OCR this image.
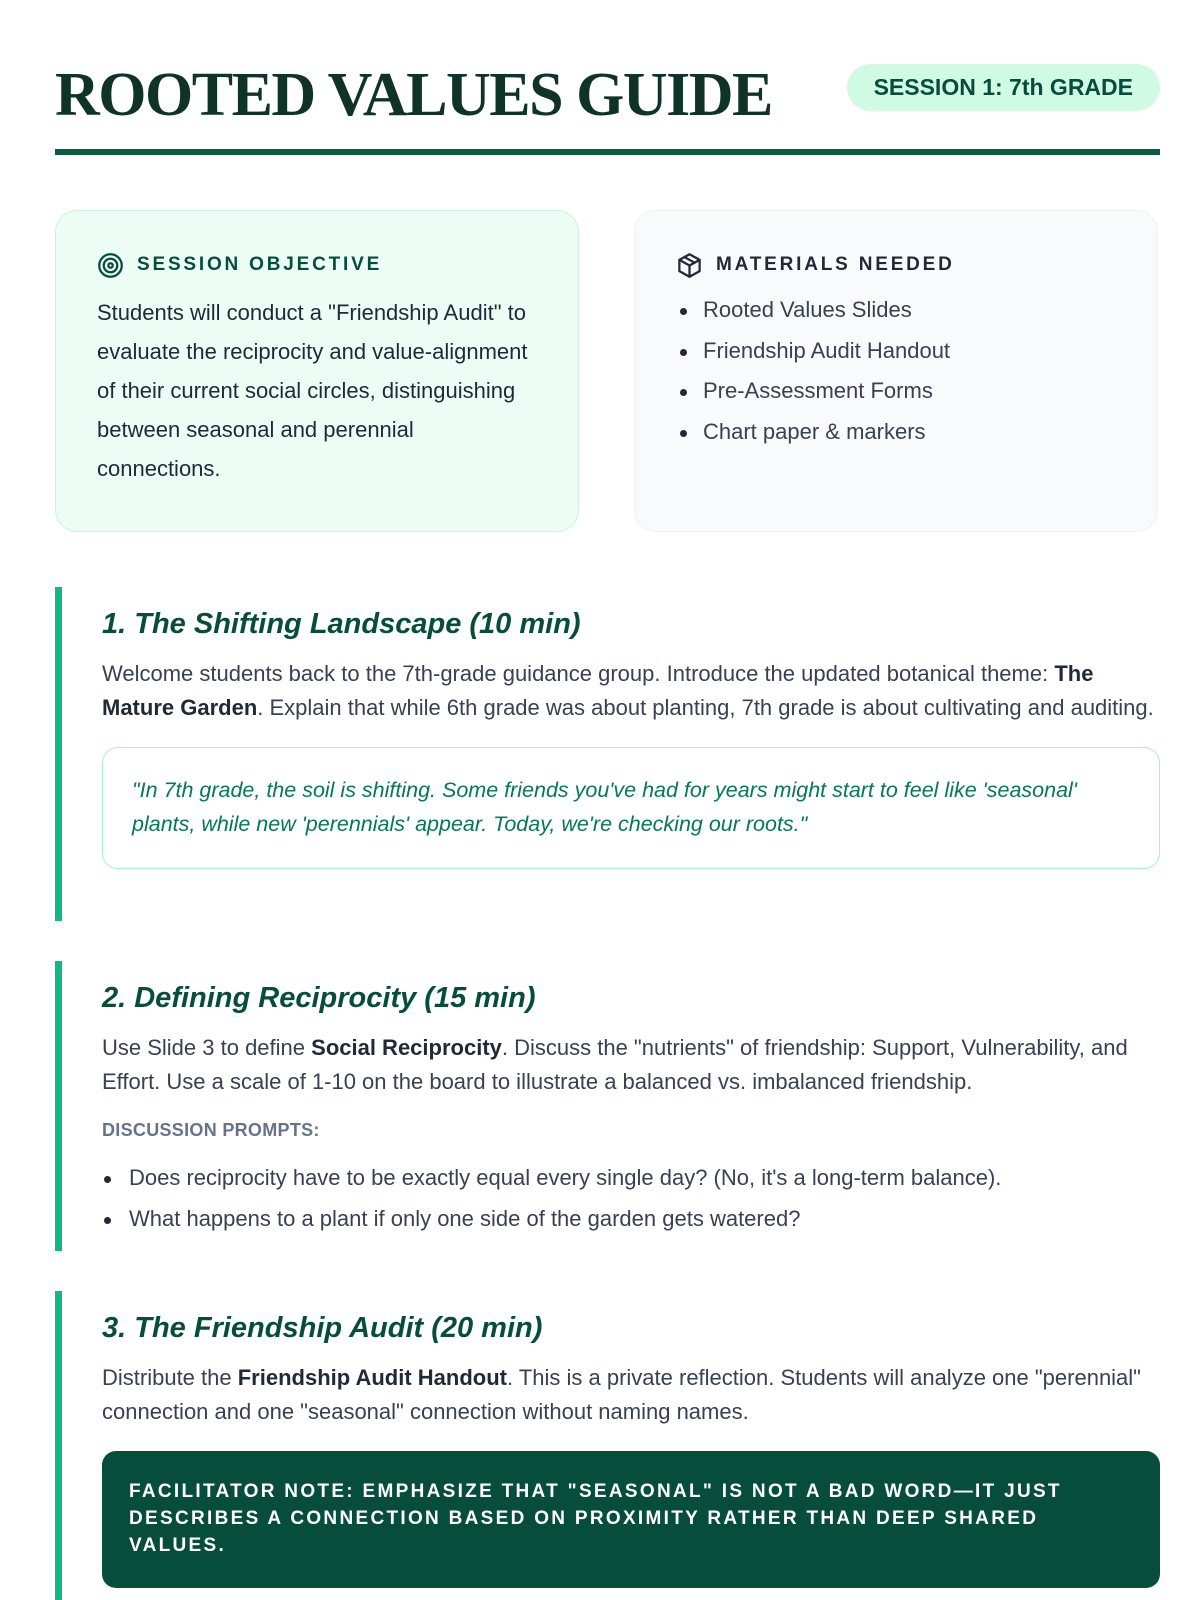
ROOTED VALUES GUIDE	SESSION 1: 7th GRADE
SESSION OBJECTIVE

Students will conduct a "Friendship Audit" to evaluate the reciprocity and value-alignment of their current social circles, distinguishing between seasonal and perennial connections.

MATERIALS NEEDED
Rooted Values Slides
Friendship Audit Handout
Pre-Assessment Forms
Chart paper & markers
1. The Shifting Landscape (10 min)

Welcome students back to the 7th-grade guidance group. Introduce the updated botanical theme: The Mature Garden. Explain that while 6th grade was about planting, 7th grade is about cultivating and auditing.

"In 7th grade, the soil is shifting. Some friends you've had for years might start to feel like 'seasonal' plants, while new 'perennials' appear. Today, we're checking our roots."
2. Defining Reciprocity (15 min)

Use Slide 3 to define Social Reciprocity. Discuss the "nutrients" of friendship: Support, Vulnerability, and Effort. Use a scale of 1-10 on the board to illustrate a balanced vs. imbalanced friendship.

DISCUSSION PROMPTS:
Does reciprocity have to be exactly equal every single day? (No, it's a long-term balance).
What happens to a plant if only one side of the garden gets watered?
3. The Friendship Audit (20 min)

Distribute the Friendship Audit Handout. This is a private reflection. Students will analyze one "perennial" connection and one "seasonal" connection without naming names.

FACILITATOR NOTE: EMPHASIZE THAT "SEASONAL" IS NOT A BAD WORD—IT JUST DESCRIBES A CONNECTION BASED ON PROXIMITY RATHER THAN DEEP SHARED VALUES.
